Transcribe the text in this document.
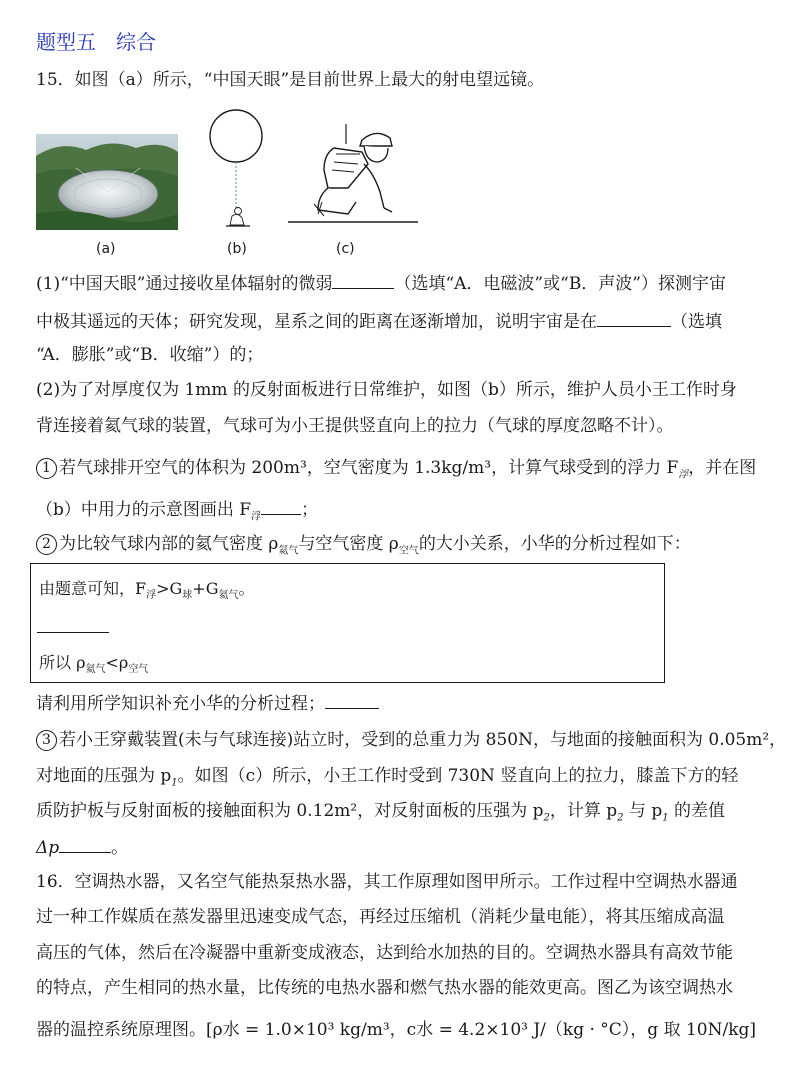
题型五　综合
15．如图（a）所示，“中国天眼”是目前世界上最大的射电望远镜。
(a)	(b)	(c)
(1)“中国天眼”通过接收星体辐射的微弱	（选填“A．电磁波”或“B．声波”）探测宇宙
中极其遥远的天体；研究发现，星系之间的距离在逐渐增加，说明宇宙是在	（选填
“A．膨胀”或“B．收缩”）的；
(2)为了对厚度仅为 1mm 的反射面板进行日常维护，如图（b）所示，维护人员小王工作时身
背连接着氦气球的装置，气球可为小王提供竖直向上的拉力（气球的厚度忽略不计）。
1 若气球排开空气的体积为 200m³，空气密度为 1.3kg/m³，计算气球受到的浮力 $F_浮$，并在图
（b）中用力的示意图画出 $F_浮$ ；
2 为比较气球内部的氦气密度 $\rho_{氦气}$与空气密度 $\rho_{空气}$的大小关系，小华的分析过程如下：
由题意可知，$F_浮>G_球+G_{氦气}$。
所以 $\rho_{氦气}<\rho_{空气}$
请利用所学知识补充小华的分析过程；
3 若小王穿戴装置(未与气球连接)站立时，受到的总重力为 850N，与地面的接触面积为 0.05m²，
对地面的压强为 $p_1$。如图（c）所示，小王工作时受到 730N 竖直向上的拉力，膝盖下方的轻
质防护板与反射面板的接触面积为 0.12m²，对反射面板的压强为 $p_2$，计算 $p_2$ 与 $p_1$ 的差值
Δp	。
16．空调热水器，又名空气能热泵热水器，其工作原理如图甲所示。工作过程中空调热水器通
过一种工作媒质在蒸发器里迅速变成气态，再经过压缩机（消耗少量电能），将其压缩成高温
高压的气体，然后在冷凝器中重新变成液态，达到给水加热的目的。空调热水器具有高效节能
的特点，产生相同的热水量，比传统的电热水器和燃气热水器的能效更高。图乙为该空调热水
器的温控系统原理图。[ρ水 = 1.0×10³ kg/m³，c水 = 4.2×10³ J/（kg · °C），g 取 10N/kg]
